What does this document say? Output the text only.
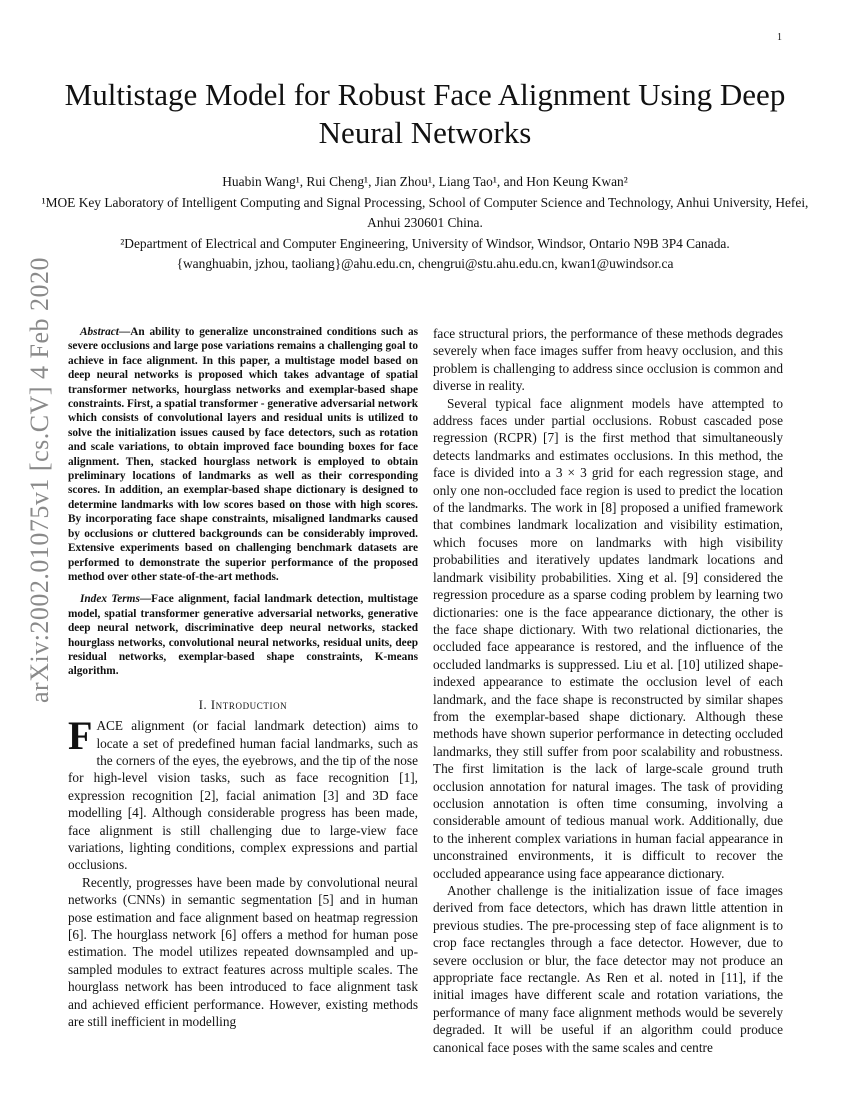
1
arXiv:2002.01075v1 [cs.CV] 4 Feb 2020
Multistage Model for Robust Face Alignment Using Deep Neural Networks

Huabin Wang¹, Rui Cheng¹, Jian Zhou¹, Liang Tao¹, and Hon Keung Kwan²

¹MOE Key Laboratory of Intelligent Computing and Signal Processing, School of Computer Science and Technology, Anhui University, Hefei, Anhui 230601 China.

²Department of Electrical and Computer Engineering, University of Windsor, Windsor, Ontario N9B 3P4 Canada.

{wanghuabin, jzhou, taoliang}@ahu.edu.cn, chengrui@stu.ahu.edu.cn, kwan1@uwindsor.ca

Abstract—An ability to generalize unconstrained conditions such as severe occlusions and large pose variations remains a challenging goal to achieve in face alignment. In this paper, a multistage model based on deep neural networks is proposed which takes advantage of spatial transformer networks, hourglass networks and exemplar-based shape constraints. First, a spatial transformer - generative adversarial network which consists of convolutional layers and residual units is utilized to solve the initialization issues caused by face detectors, such as rotation and scale variations, to obtain improved face bounding boxes for face alignment. Then, stacked hourglass network is employed to obtain preliminary locations of landmarks as well as their corresponding scores. In addition, an exemplar-based shape dictionary is designed to determine landmarks with low scores based on those with high scores. By incorporating face shape constraints, misaligned landmarks caused by occlusions or cluttered backgrounds can be considerably improved. Extensive experiments based on challenging benchmark datasets are performed to demonstrate the superior performance of the proposed method over other state-of-the-art methods.

Index Terms—Face alignment, facial landmark detection, multistage model, spatial transformer generative adversarial networks, generative deep neural network, discriminative deep neural networks, stacked hourglass networks, convolutional neural networks, residual units, deep residual networks, exemplar-based shape constraints, K-means algorithm.

I. Introduction

FACE alignment (or facial landmark detection) aims to locate a set of predefined human facial landmarks, such as the corners of the eyes, the eyebrows, and the tip of the nose for high-level vision tasks, such as face recognition [1], expression recognition [2], facial animation [3] and 3D face modelling [4]. Although considerable progress has been made, face alignment is still challenging due to large-view face variations, lighting conditions, complex expressions and partial occlusions.

Recently, progresses have been made by convolutional neural networks (CNNs) in semantic segmentation [5] and in human pose estimation and face alignment based on heatmap regression [6]. The hourglass network [6] offers a method for human pose estimation. The model utilizes repeated downsampled and up-sampled modules to extract features across multiple scales. The hourglass network has been introduced to face alignment task and achieved efficient performance. However, existing methods are still inefficient in modelling

face structural priors, the performance of these methods degrades severely when face images suffer from heavy occlusion, and this problem is challenging to address since occlusion is common and diverse in reality.

Several typical face alignment models have attempted to address faces under partial occlusions. Robust cascaded pose regression (RCPR) [7] is the first method that simultaneously detects landmarks and estimates occlusions. In this method, the face is divided into a 3 × 3 grid for each regression stage, and only one non-occluded face region is used to predict the location of the landmarks. The work in [8] proposed a unified framework that combines landmark localization and visibility estimation, which focuses more on landmarks with high visibility probabilities and iteratively updates landmark locations and landmark visibility probabilities. Xing et al. [9] considered the regression procedure as a sparse coding problem by learning two dictionaries: one is the face appearance dictionary, the other is the face shape dictionary. With two relational dictionaries, the occluded face appearance is restored, and the influence of the occluded landmarks is suppressed. Liu et al. [10] utilized shape-indexed appearance to estimate the occlusion level of each landmark, and the face shape is reconstructed by similar shapes from the exemplar-based shape dictionary. Although these methods have shown superior performance in detecting occluded landmarks, they still suffer from poor scalability and robustness. The first limitation is the lack of large-scale ground truth occlusion annotation for natural images. The task of providing occlusion annotation is often time consuming, involving a considerable amount of tedious manual work. Additionally, due to the inherent complex variations in human facial appearance in unconstrained environments, it is difficult to recover the occluded appearance using face appearance dictionary.

Another challenge is the initialization issue of face images derived from face detectors, which has drawn little attention in previous studies. The pre-processing step of face alignment is to crop face rectangles through a face detector. However, due to severe occlusion or blur, the face detector may not produce an appropriate face rectangle. As Ren et al. noted in [11], if the initial images have different scale and rotation variations, the performance of many face alignment methods would be severely degraded. It will be useful if an algorithm could produce canonical face poses with the same scales and centre
